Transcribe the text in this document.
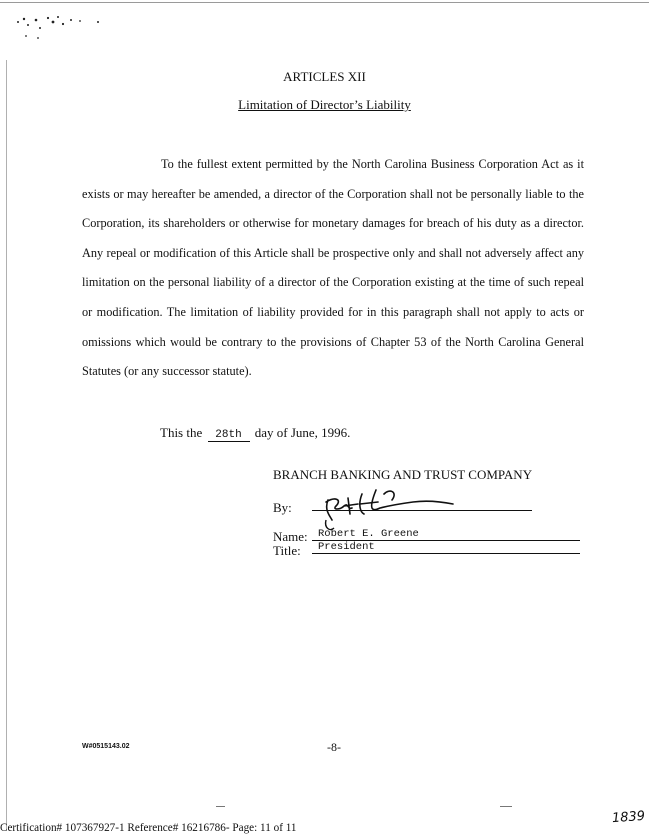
ARTICLES XII
Limitation of Director’s Liability

To the fullest extent permitted by the North Carolina Business Corporation Act as it exists or may hereafter be amended, a director of the Corporation shall not be personally liable to the Corporation, its shareholders or otherwise for monetary damages for breach of his duty as a director. Any repeal or modification of this Article shall be prospective only and shall not adversely affect any limitation on the personal liability of a director of the Corporation existing at the time of such repeal or modification. The limitation of liability provided for in this paragraph shall not apply to acts or omissions which would be contrary to the provisions of Chapter 53 of the North Carolina General Statutes (or any successor statute).

This the 28th day of June, 1996.
BRANCH BANKING AND TRUST COMPANY
By:
Name: Robert E. Greene
Title:	President
W#0515143.02	-8-
Certification# 107367927-1 Reference# 16216786- Page: 11 of 11
1839
